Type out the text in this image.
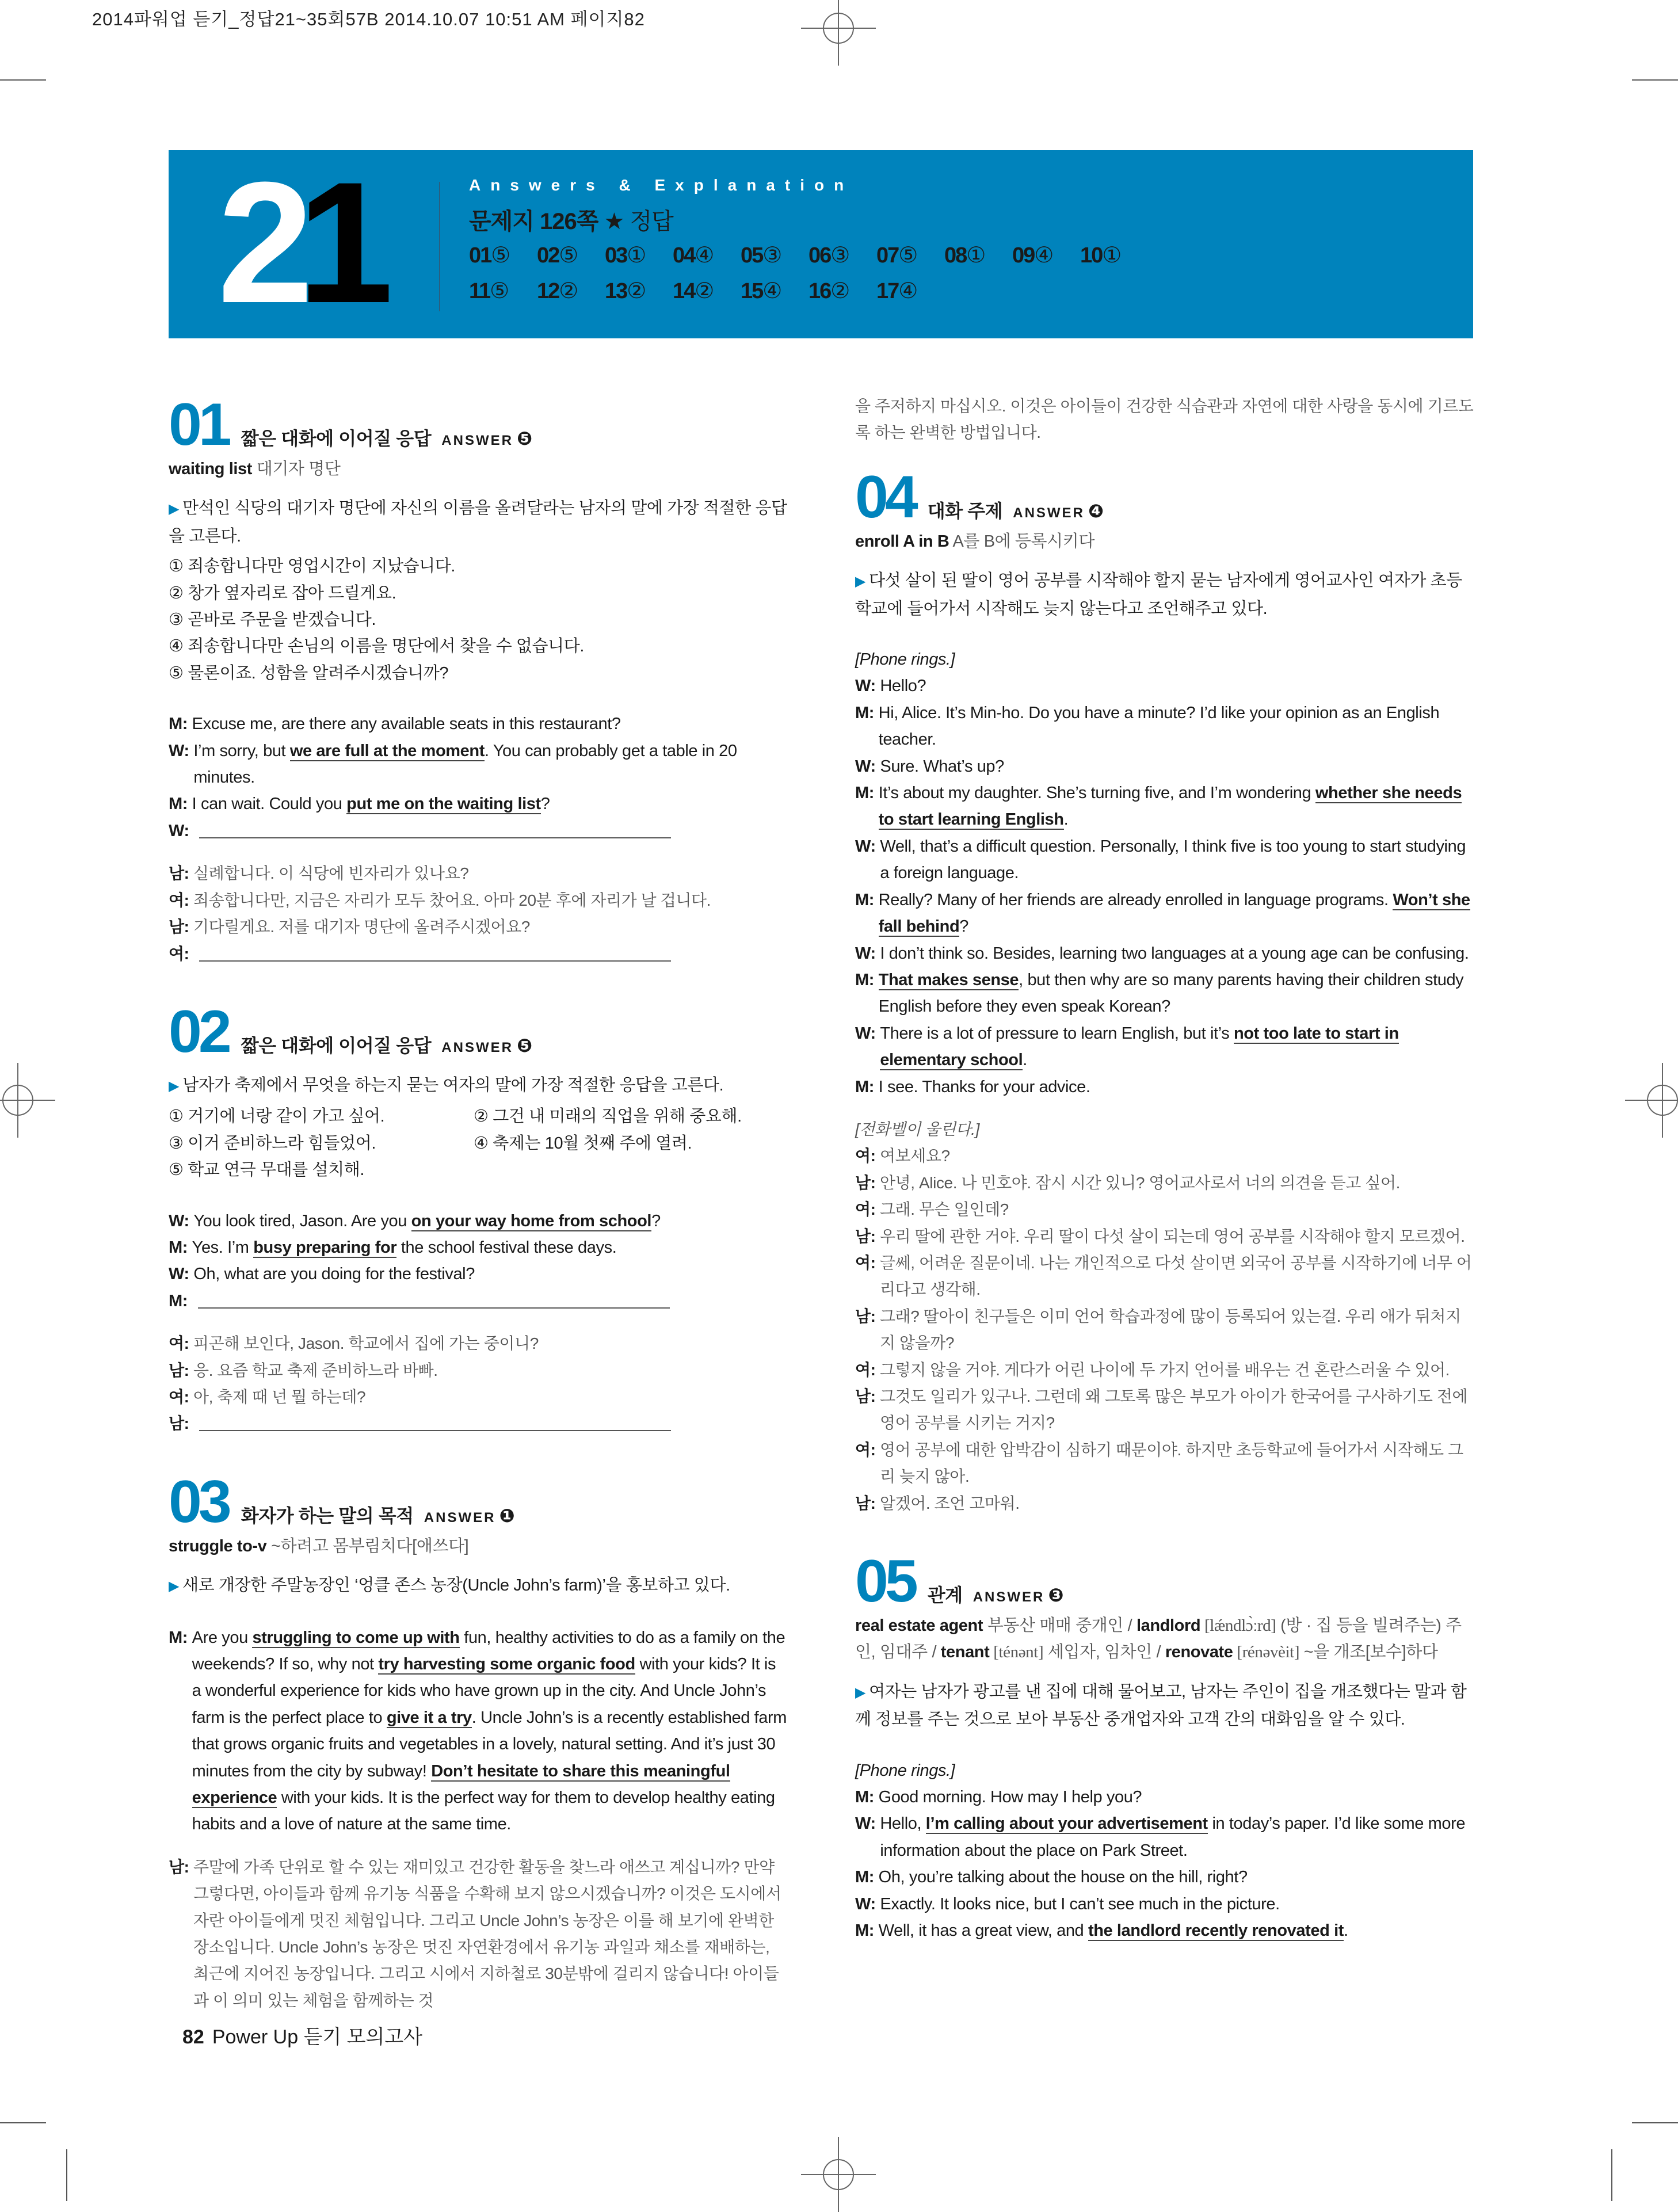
2014파워업 듣기_정답21~35회57B 2014.10.07 10:51 AM 페이지82
21	Answers & Explanation
문제지 126쪽 ★ 정답
01⑤	02⑤	03①	04④	05③	06③	07⑤	08①	09④	10①
11⑤	12②	13②	14②	15④	16②	17④
01 짧은 대화에 이어질 응답 ANSWER ❺
waiting list 대기자 명단
▶ 만석인 식당의 대기자 명단에 자신의 이름을 올려달라는 남자의 말에 가장 적절한 응답을 고른다.
① 죄송합니다만 영업시간이 지났습니다.
② 창가 옆자리로 잡아 드릴게요.
③ 곧바로 주문을 받겠습니다.
④ 죄송합니다만 손님의 이름을 명단에서 찾을 수 없습니다.
⑤ 물론이죠. 성함을 알려주시겠습니까?
M: Excuse me, are there any available seats in this restaurant?
W: I’m sorry, but we are full at the moment. You can probably get a table in 20 minutes.
M: I can wait. Could you put me on the waiting list?
W:
남: 실례합니다. 이 식당에 빈자리가 있나요?
여: 죄송합니다만, 지금은 자리가 모두 찼어요. 아마 20분 후에 자리가 날 겁니다.
남: 기다릴게요. 저를 대기자 명단에 올려주시겠어요?
여:
02 짧은 대화에 이어질 응답 ANSWER ❺
▶ 남자가 축제에서 무엇을 하는지 묻는 여자의 말에 가장 적절한 응답을 고른다.
① 거기에 너랑 같이 가고 싶어.	② 그건 내 미래의 직업을 위해 중요해.
③ 이거 준비하느라 힘들었어.	④ 축제는 10월 첫째 주에 열려.
⑤ 학교 연극 무대를 설치해.
W: You look tired, Jason. Are you on your way home from school?
M: Yes. I’m busy preparing for the school festival these days.
W: Oh, what are you doing for the festival?
M:
여: 피곤해 보인다, Jason. 학교에서 집에 가는 중이니?
남: 응. 요즘 학교 축제 준비하느라 바빠.
여: 아, 축제 때 넌 뭘 하는데?
남:
03 화자가 하는 말의 목적 ANSWER ❶
struggle to-v ~하려고 몸부림치다[애쓰다]
▶ 새로 개장한 주말농장인 ‘엉클 존스 농장(Uncle John’s farm)’을 홍보하고 있다.
M: Are you struggling to come up with fun, healthy activities to do as a family on the weekends? If so, why not try harvesting some organic food with your kids? It is a wonderful experience for kids who have grown up in the city. And Uncle John’s farm is the perfect place to give it a try. Uncle John’s is a recently established farm that grows organic fruits and vegetables in a lovely, natural setting. And it’s just 30 minutes from the city by subway! Don’t hesitate to share this meaningful experience with your kids. It is the perfect way for them to develop healthy eating habits and a love of nature at the same time.
남: 주말에 가족 단위로 할 수 있는 재미있고 건강한 활동을 찾느라 애쓰고 계십니까? 만약 그렇다면, 아이들과 함께 유기농 식품을 수확해 보지 않으시겠습니까? 이것은 도시에서 자란 아이들에게 멋진 체험입니다. 그리고 Uncle John’s 농장은 이를 해 보기에 완벽한 장소입니다. Uncle John’s 농장은 멋진 자연환경에서 유기농 과일과 채소를 재배하는, 최근에 지어진 농장입니다. 그리고 시에서 지하철로 30분밖에 걸리지 않습니다! 아이들과 이 의미 있는 체험을 함께하는 것
을 주저하지 마십시오. 이것은 아이들이 건강한 식습관과 자연에 대한 사랑을 동시에 기르도록 하는 완벽한 방법입니다.
04 대화 주제 ANSWER ❹
enroll A in B A를 B에 등록시키다
▶ 다섯 살이 된 딸이 영어 공부를 시작해야 할지 묻는 남자에게 영어교사인 여자가 초등학교에 들어가서 시작해도 늦지 않는다고 조언해주고 있다.
[Phone rings.]
W: Hello?
M: Hi, Alice. It’s Min-ho. Do you have a minute? I’d like your opinion as an English teacher.
W: Sure. What’s up?
M: It’s about my daughter. She’s turning five, and I’m wondering whether she needs to start learning English.
W: Well, that’s a difficult question. Personally, I think five is too young to start studying a foreign language.
M: Really? Many of her friends are already enrolled in language programs. Won’t she fall behind?
W: I don’t think so. Besides, learning two languages at a young age can be confusing.
M: That makes sense, but then why are so many parents having their children study English before they even speak Korean?
W: There is a lot of pressure to learn English, but it’s not too late to start in elementary school.
M: I see. Thanks for your advice.
[전화벨이 울린다.]
여: 여보세요?
남: 안녕, Alice. 나 민호야. 잠시 시간 있니? 영어교사로서 너의 의견을 듣고 싶어.
여: 그래. 무슨 일인데?
남: 우리 딸에 관한 거야. 우리 딸이 다섯 살이 되는데 영어 공부를 시작해야 할지 모르겠어.
여: 글쎄, 어려운 질문이네. 나는 개인적으로 다섯 살이면 외국어 공부를 시작하기에 너무 어리다고 생각해.
남: 그래? 딸아이 친구들은 이미 언어 학습과정에 많이 등록되어 있는걸. 우리 애가 뒤처지지 않을까?
여: 그렇지 않을 거야. 게다가 어린 나이에 두 가지 언어를 배우는 건 혼란스러울 수 있어.
남: 그것도 일리가 있구나. 그런데 왜 그토록 많은 부모가 아이가 한국어를 구사하기도 전에 영어 공부를 시키는 거지?
여: 영어 공부에 대한 압박감이 심하기 때문이야. 하지만 초등학교에 들어가서 시작해도 그리 늦지 않아.
남: 알겠어. 조언 고마워.
05 관계 ANSWER ❸
real estate agent 부동산 매매 중개인 / landlord [lǽndlɔ̀ːrd] (방 · 집 등을 빌려주는) 주인, 임대주 / tenant [ténənt] 세입자, 임차인 / renovate [rénəvèit] ~을 개조[보수]하다
▶ 여자는 남자가 광고를 낸 집에 대해 물어보고, 남자는 주인이 집을 개조했다는 말과 함께 정보를 주는 것으로 보아 부동산 중개업자와 고객 간의 대화임을 알 수 있다.
[Phone rings.]
M: Good morning. How may I help you?
W: Hello, I’m calling about your advertisement in today’s paper. I’d like some more information about the place on Park Street.
M: Oh, you’re talking about the house on the hill, right?
W: Exactly. It looks nice, but I can’t see much in the picture.
M: Well, it has a great view, and the landlord recently renovated it.
82 Power Up 듣기 모의고사
